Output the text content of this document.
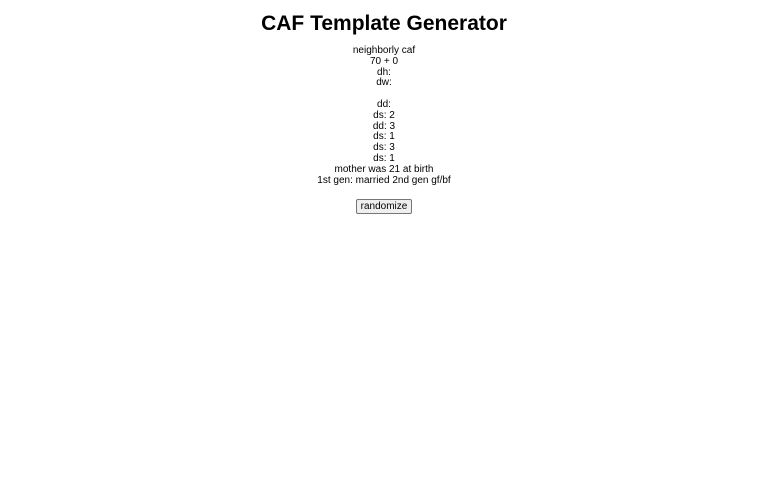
CAF Template Generator
neighborly caf
70 + 0
dh:
dw:
dd:
ds: 2
dd: 3
ds: 1
ds: 3
ds: 1
mother was 21 at birth
1st gen: married 2nd gen gf/bf
randomize
